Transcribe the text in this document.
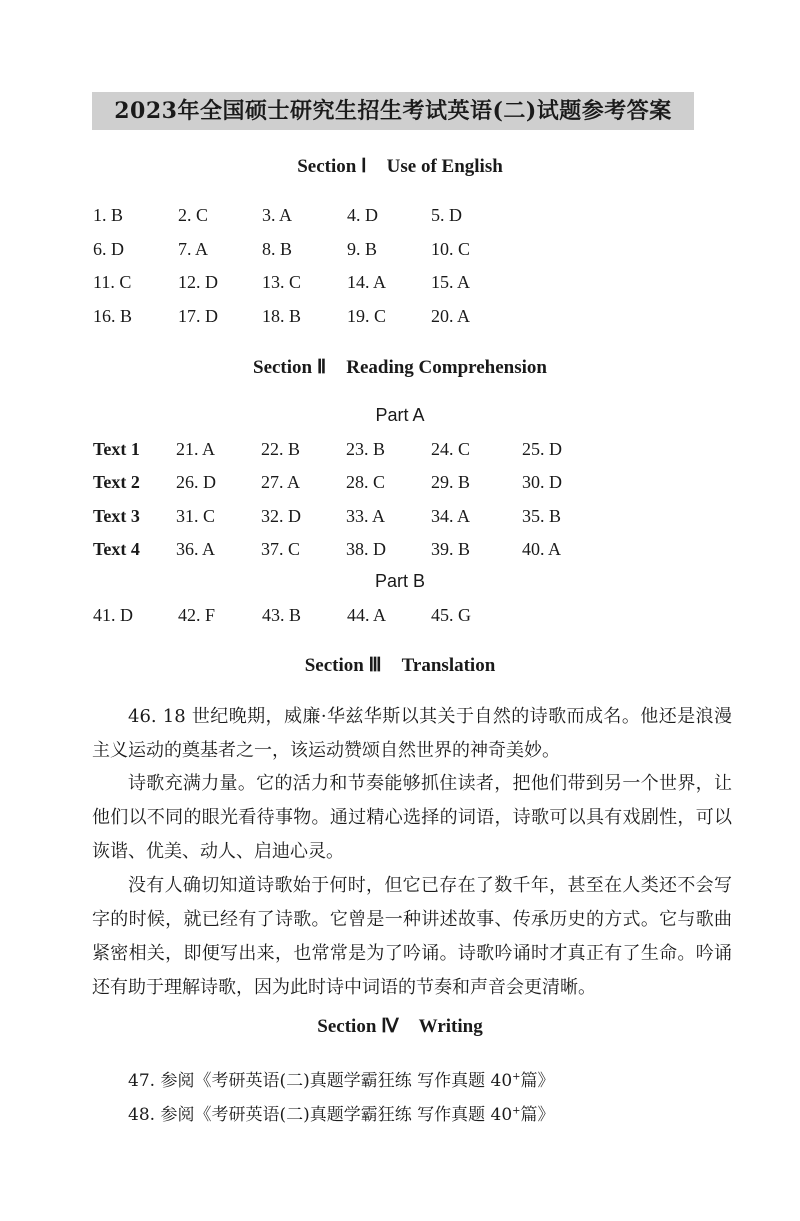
2023年全国硕士研究生招生考试英语(二)试题参考答案
Section Ⅰ Use of English
1. B	2. C	3. A	4. D	5. D
6. D	7. A	8. B	9. B	10. C
11. C	12. D 13. C	14. A 15. A
16. B	17. D 18. B	19. C 20. A
Section Ⅱ Reading Comprehension
Part A
Text 1 21. A	22. B	23. B	24. C	25. D
Text 2 26. D	27. A	28. C	29. B	30. D
Text 3 31. C	32. D	33. A	34. A	35. B
Text 4 36. A	37. C	38. D	39. B	40. A
Part B
41. D	42. F	43. B	44. A 45. G
Section Ⅲ Translation

46. 18 世纪晚期，威廉·华兹华斯以其关于自然的诗歌而成名。他还是浪漫主义运动的奠基者之一，该运动赞颂自然世界的神奇美妙。

诗歌充满力量。它的活力和节奏能够抓住读者，把他们带到另一个世界，让他们以不同的眼光看待事物。通过精心选择的词语，诗歌可以具有戏剧性，可以诙谐、优美、动人、启迪心灵。

没有人确切知道诗歌始于何时，但它已存在了数千年，甚至在人类还不会写字的时候，就已经有了诗歌。它曾是一种讲述故事、传承历史的方式。它与歌曲紧密相关，即便写出来，也常常是为了吟诵。诗歌吟诵时才真正有了生命。吟诵还有助于理解诗歌，因为此时诗中词语的节奏和声音会更清晰。

Section Ⅳ Writing
47. 参阅《考研英语(二)真题学霸狂练 写作真题 40+篇》
48. 参阅《考研英语(二)真题学霸狂练 写作真题 40+篇》
